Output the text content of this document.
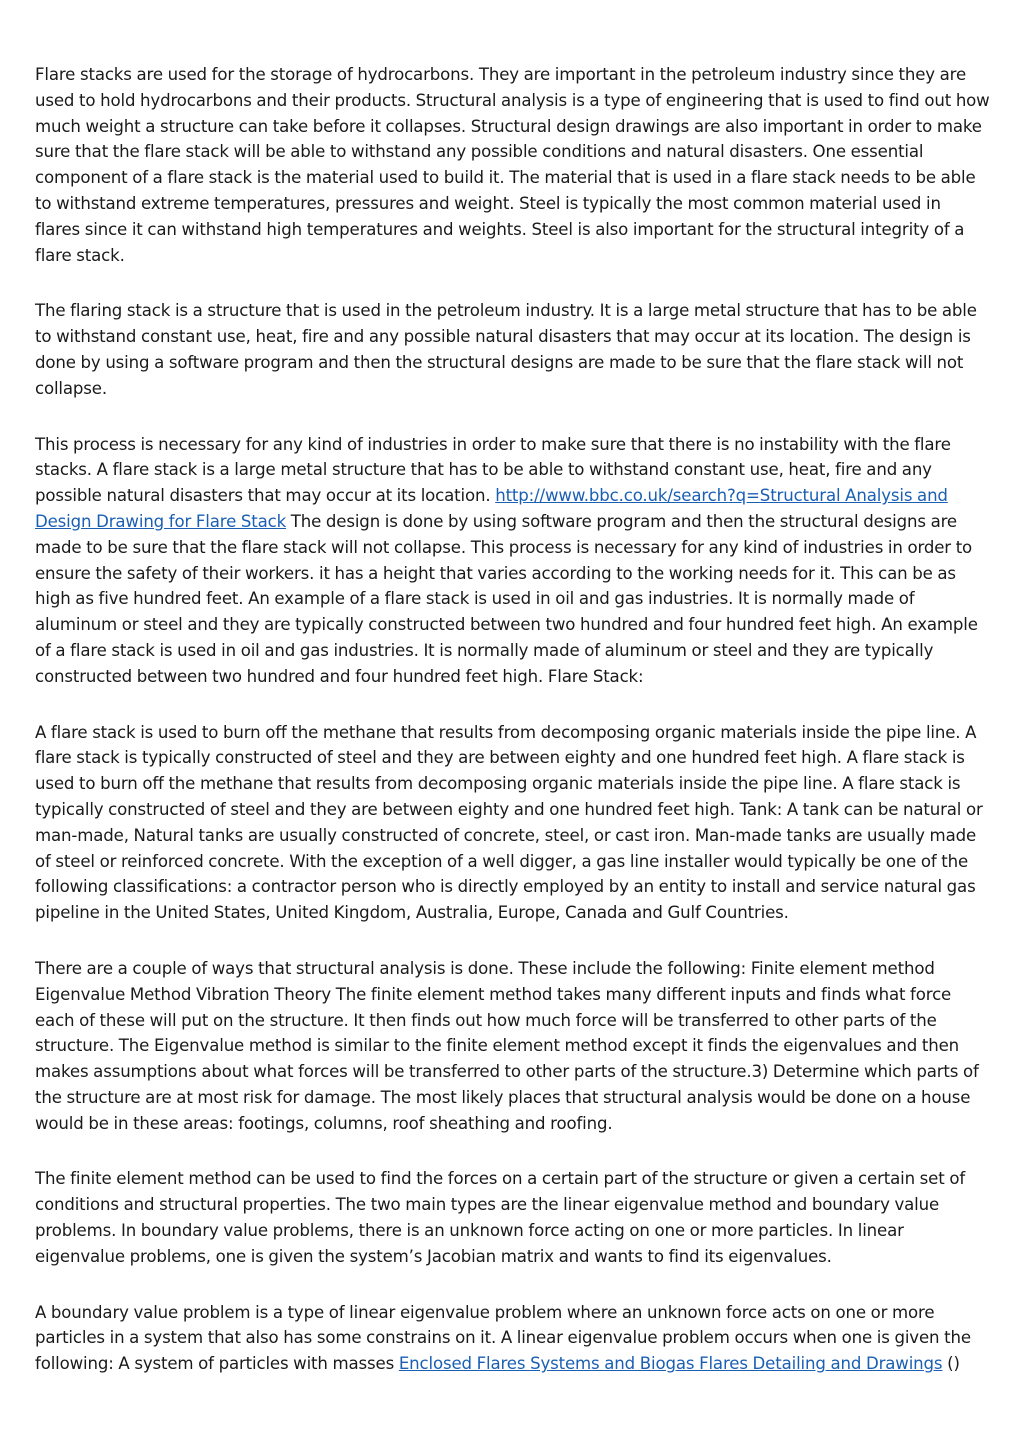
Flare stacks are used for the storage of hydrocarbons. They are important in the petroleum industry since they are used to hold hydrocarbons and their products. Structural analysis is a type of engineering that is used to find out how much weight a structure can take before it collapses. Structural design drawings are also important in order to make sure that the flare stack will be able to withstand any possible conditions and natural disasters. One essential component of a flare stack is the material used to build it. The material that is used in a flare stack needs to be able to withstand extreme temperatures, pressures and weight. Steel is typically the most common material used in flares since it can withstand high temperatures and weights. Steel is also important for the structural integrity of a flare stack.

The flaring stack is a structure that is used in the petroleum industry. It is a large metal structure that has to be able to withstand constant use, heat, fire and any possible natural disasters that may occur at its location. The design is done by using a software program and then the structural designs are made to be sure that the flare stack will not collapse.

This process is necessary for any kind of industries in order to make sure that there is no instability with the flare stacks. A flare stack is a large metal structure that has to be able to withstand constant use, heat, fire and any possible natural disasters that may occur at its location. http://www.bbc.co.uk/search?q=Structural Analysis and Design Drawing for Flare Stack The design is done by using software program and then the structural designs are made to be sure that the flare stack will not collapse. This process is necessary for any kind of industries in order to ensure the safety of their workers. it has a height that varies according to the working needs for it. This can be as high as five hundred feet. An example of a flare stack is used in oil and gas industries. It is normally made of aluminum or steel and they are typically constructed between two hundred and four hundred feet high. An example of a flare stack is used in oil and gas industries. It is normally made of aluminum or steel and they are typically constructed between two hundred and four hundred feet high. Flare Stack:

A flare stack is used to burn off the methane that results from decomposing organic materials inside the pipe line. A flare stack is typically constructed of steel and they are between eighty and one hundred feet high. A flare stack is used to burn off the methane that results from decomposing organic materials inside the pipe line. A flare stack is typically constructed of steel and they are between eighty and one hundred feet high. Tank: A tank can be natural or man-made, Natural tanks are usually constructed of concrete, steel, or cast iron. Man-made tanks are usually made of steel or reinforced concrete. With the exception of a well digger, a gas line installer would typically be one of the following classifications: a contractor person who is directly employed by an entity to install and service natural gas pipeline in the United States, United Kingdom, Australia, Europe, Canada and Gulf Countries.

There are a couple of ways that structural analysis is done. These include the following: Finite element method Eigenvalue Method Vibration Theory The finite element method takes many different inputs and finds what force each of these will put on the structure. It then finds out how much force will be transferred to other parts of the structure. The Eigenvalue method is similar to the finite element method except it finds the eigenvalues and then makes assumptions about what forces will be transferred to other parts of the structure.3) Determine which parts of the structure are at most risk for damage. The most likely places that structural analysis would be done on a house would be in these areas: footings, columns, roof sheathing and roofing.

The finite element method can be used to find the forces on a certain part of the structure or given a certain set of conditions and structural properties. The two main types are the linear eigenvalue method and boundary value problems. In boundary value problems, there is an unknown force acting on one or more particles. In linear eigenvalue problems, one is given the system’s Jacobian matrix and wants to find its eigenvalues.

A boundary value problem is a type of linear eigenvalue problem where an unknown force acts on one or more particles in a system that also has some constrains on it. A linear eigenvalue problem occurs when one is given the following: A system of particles with masses Enclosed Flares Systems and Biogas Flares Detailing and Drawings ()
